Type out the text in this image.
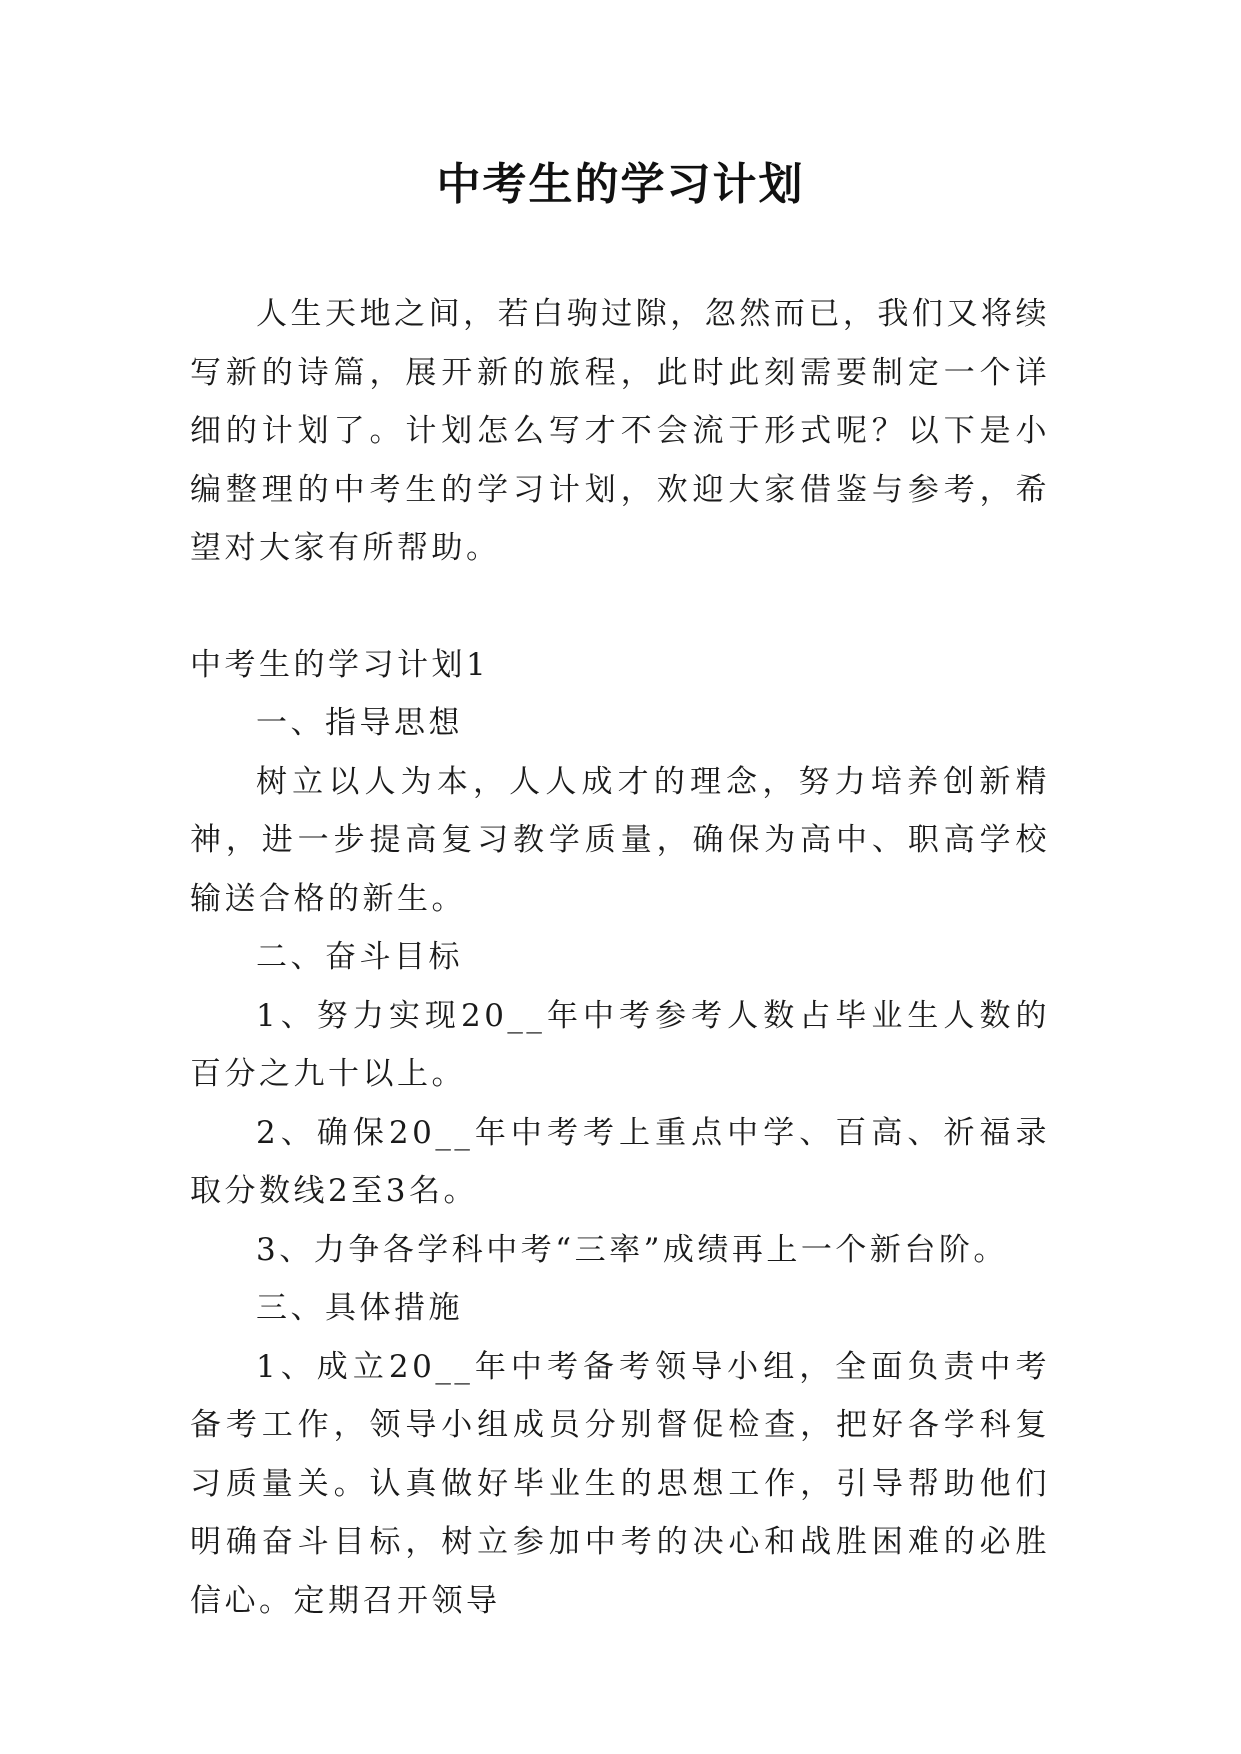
中考生的学习计划

人生天地之间，若白驹过隙，忽然而已，我们又将续写新的诗篇，展开新的旅程，此时此刻需要制定一个详细的计划了。计划怎么写才不会流于形式呢？以下是小编整理的中考生的学习计划，欢迎大家借鉴与参考，希望对大家有所帮助。

中考生的学习计划1

一、指导思想

树立以人为本，人人成才的理念，努力培养创新精神，进一步提高复习教学质量，确保为高中、职高学校输送合格的新生。

二、奋斗目标

1、努力实现20__年中考参考人数占毕业生人数的百分之九十以上。

2、确保20__年中考考上重点中学、百高、祈福录取分数线2至3名。

3、力争各学科中考“三率”成绩再上一个新台阶。

三、具体措施

1、成立20__年中考备考领导小组，全面负责中考备考工作，领导小组成员分别督促检查，把好各学科复习质量关。认真做好毕业生的思想工作，引导帮助他们明确奋斗目标，树立参加中考的决心和战胜困难的必胜信心。定期召开领导
